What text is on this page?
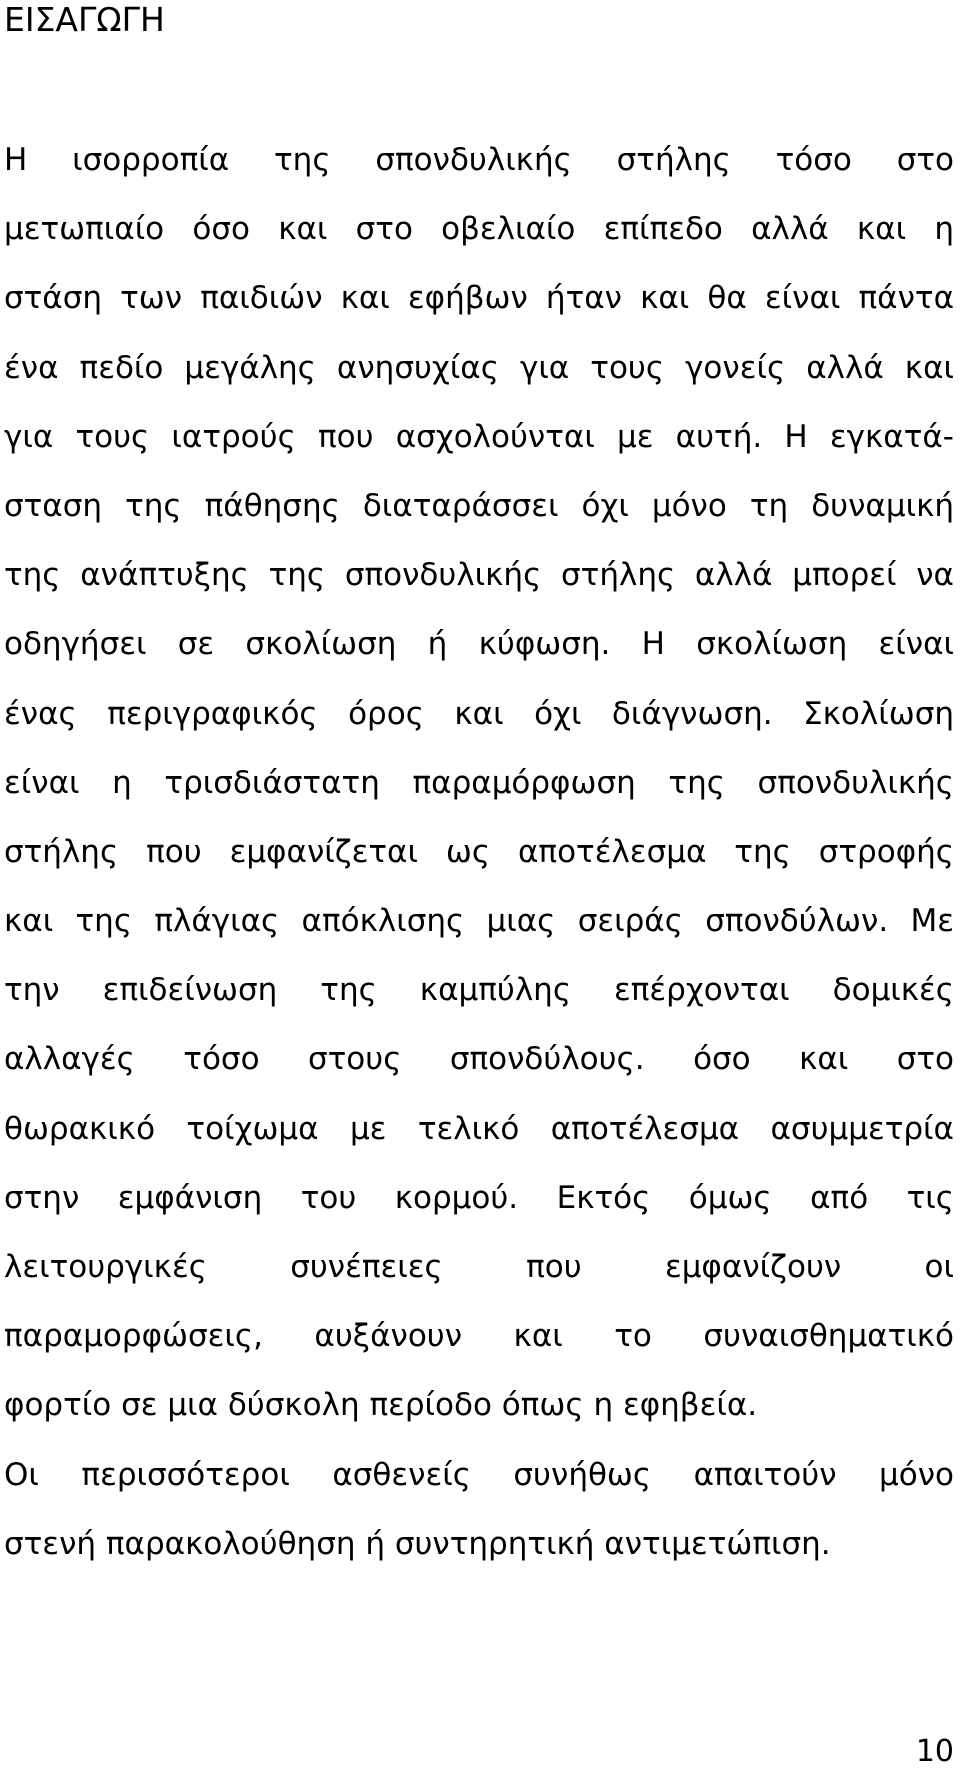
ΕΙΣΑΓΩΓΗ
Η ισορροπία της σπονδυλικής στήλης τόσο στο
μετωπιαίο όσο και στο οβελιαίο επίπεδο αλλά και η
στάση των παιδιών και εφήβων ήταν και θα είναι πάντα
ένα πεδίο μεγάλης ανησυχίας για τους γονείς αλλά και
για τους ιατρούς που ασχολούνται με αυτή. Η εγκατά-
σταση της πάθησης διαταράσσει όχι μόνο τη δυναμική
της ανάπτυξης της σπονδυλικής στήλης αλλά μπορεί να
οδηγήσει σε σκολίωση ή κύφωση. Η σκολίωση είναι
ένας περιγραφικός όρος και όχι διάγνωση. Σκολίωση
είναι η τρισδιάστατη παραμόρφωση της σπονδυλικής
στήλης που εμφανίζεται ως αποτέλεσμα της στροφής
και της πλάγιας απόκλισης μιας σειράς σπονδύλων. Με
την επιδείνωση της καμπύλης επέρχονται δομικές
αλλαγές τόσο στους σπονδύλους. όσο και στο
θωρακικό τοίχωμα με τελικό αποτέλεσμα ασυμμετρία
στην εμφάνιση του κορμού. Εκτός όμως από τις
λειτουργικές συνέπειες που εμφανίζουν οι
παραμορφώσεις, αυξάνουν και το συναισθηματικό
φορτίο σε μια δύσκολη περίοδο όπως η εφηβεία.
Οι περισσότεροι ασθενείς συνήθως απαιτούν μόνο
στενή παρακολούθηση ή συντηρητική αντιμετώπιση.
10
